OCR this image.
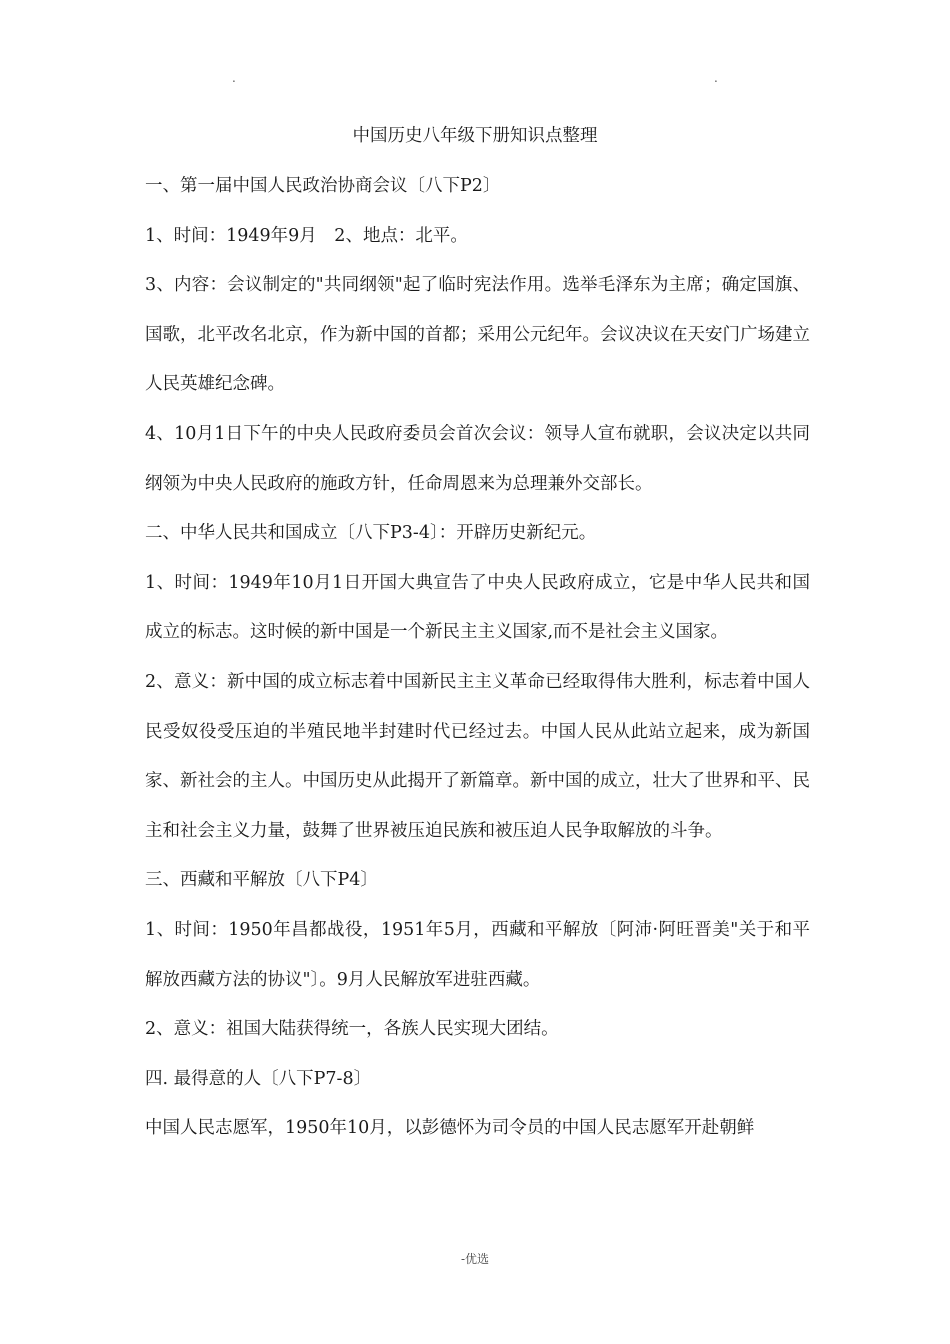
.	.
中国历史八年级下册知识点整理

一、第一届中国人民政治协商会议〔八下P2〕

1、时间：1949年9月　2、地点：北平。

3、内容：会议制定的"共同纲领"起了临时宪法作用。选举毛泽东为主席；确定国旗、国歌，北平改名北京，作为新中国的首都；采用公元纪年。会议决议在天安门广场建立人民英雄纪念碑。

4、10月1日下午的中央人民政府委员会首次会议：领导人宣布就职，会议决定以共同纲领为中央人民政府的施政方针，任命周恩来为总理兼外交部长。

二、中华人民共和国成立〔八下P3-4〕：开辟历史新纪元。

1、时间：1949年10月1日开国大典宣告了中央人民政府成立，它是中华人民共和国成立的标志。这时候的新中国是一个新民主主义国家,而不是社会主义国家。

2、意义：新中国的成立标志着中国新民主主义革命已经取得伟大胜利，标志着中国人民受奴役受压迫的半殖民地半封建时代已经过去。中国人民从此站立起来，成为新国家、新社会的主人。中国历史从此揭开了新篇章。新中国的成立，壮大了世界和平、民主和社会主义力量，鼓舞了世界被压迫民族和被压迫人民争取解放的斗争。

三、西藏和平解放〔八下P4〕

1、时间：1950年昌都战役，1951年5月，西藏和平解放〔阿沛·阿旺晋美"关于和平解放西藏方法的协议"〕。9月人民解放军进驻西藏。

2、意义：祖国大陆获得统一，各族人民实现大团结。

四. 最得意的人〔八下P7-8〕

中国人民志愿军，1950年10月，以彭德怀为司令员的中国人民志愿军开赴朝鲜

-优选
